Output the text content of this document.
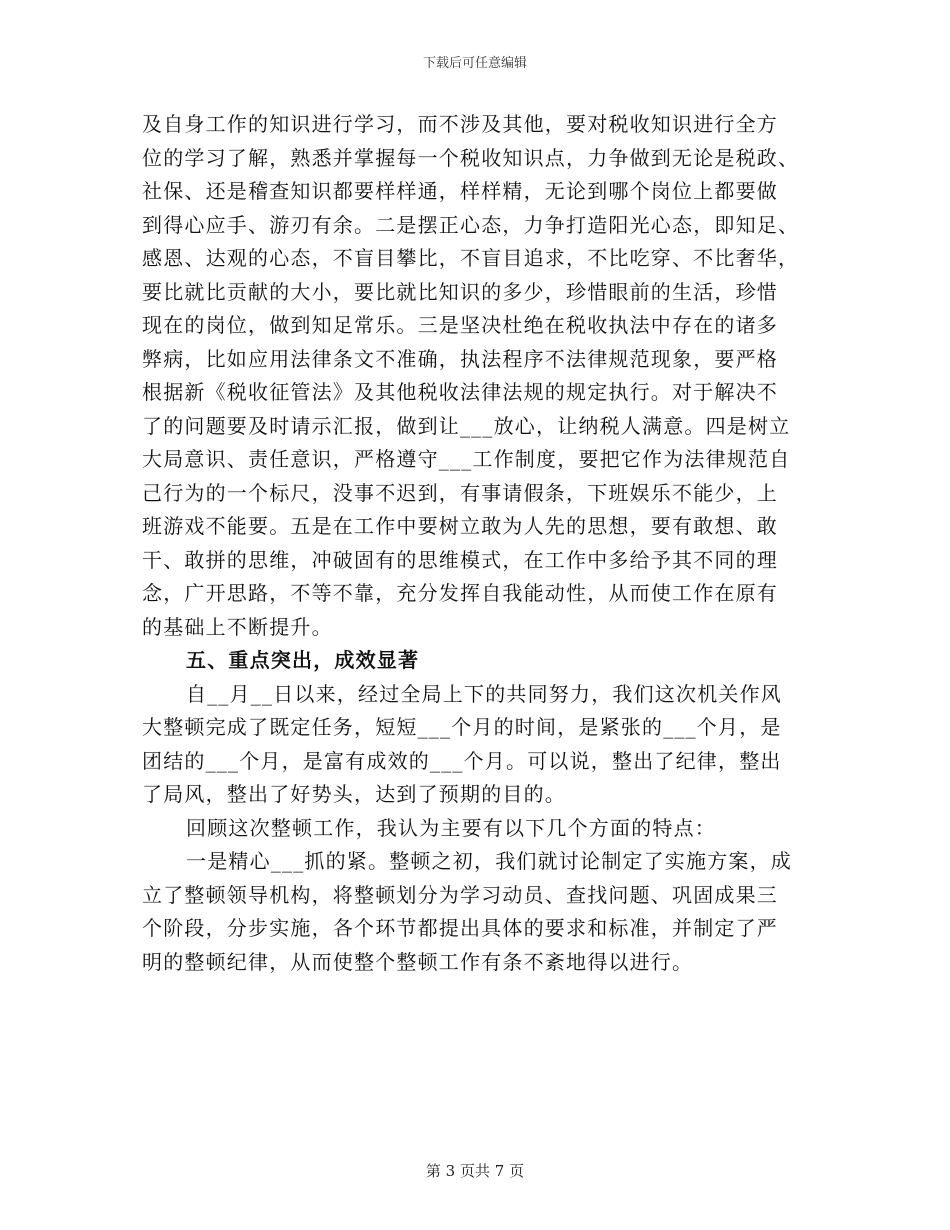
下载后可任意编辑
及自身工作的知识进行学习，而不涉及其他，要对税收知识进行全方
位的学习了解，熟悉并掌握每一个税收知识点，力争做到无论是税政、
社保、还是稽查知识都要样样通，样样精，无论到哪个岗位上都要做
到得心应手、游刃有余。二是摆正心态，力争打造阳光心态，即知足、
感恩、达观的心态，不盲目攀比，不盲目追求，不比吃穿、不比奢华，
要比就比贡献的大小，要比就比知识的多少，珍惜眼前的生活，珍惜
现在的岗位，做到知足常乐。三是坚决杜绝在税收执法中存在的诸多
弊病，比如应用法律条文不准确，执法程序不法律规范现象，要严格
根据新《税收征管法》及其他税收法律法规的规定执行。对于解决不
了的问题要及时请示汇报，做到让___放心，让纳税人满意。四是树立
大局意识、责任意识，严格遵守___工作制度，要把它作为法律规范自
己行为的一个标尺，没事不迟到，有事请假条，下班娱乐不能少，上
班游戏不能要。五是在工作中要树立敢为人先的思想，要有敢想、敢
干、敢拼的思维，冲破固有的思维模式，在工作中多给予其不同的理
念，广开思路，不等不靠，充分发挥自我能动性，从而使工作在原有
的基础上不断提升。
五、重点突出，成效显著
自__月__日以来，经过全局上下的共同努力，我们这次机关作风
大整顿完成了既定任务，短短___个月的时间，是紧张的___个月，是
团结的___个月，是富有成效的___个月。可以说，整出了纪律，整出
了局风，整出了好势头，达到了预期的目的。
回顾这次整顿工作，我认为主要有以下几个方面的特点：
一是精心___抓的紧。整顿之初，我们就讨论制定了实施方案，成
立了整顿领导机构，将整顿划分为学习动员、查找问题、巩固成果三
个阶段，分步实施，各个环节都提出具体的要求和标准，并制定了严
明的整顿纪律，从而使整个整顿工作有条不紊地得以进行。
第 3 页共 7 页
